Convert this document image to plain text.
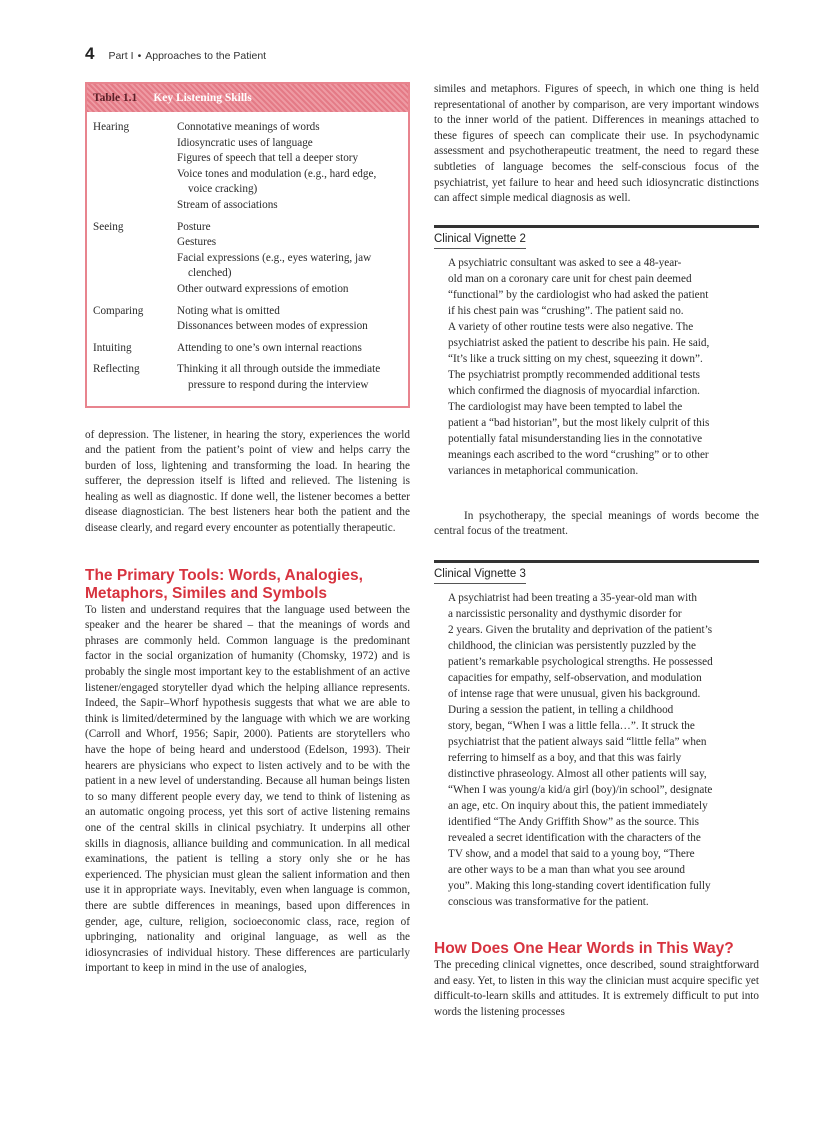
4 Part I • Approaches to the Patient
Table 1.1 Key Listening Skills
Hearing	Connotative meanings of words
Idiosyncratic uses of language
Figures of speech that tell a deeper story
Voice tones and modulation (e.g., hard edge, voice cracking)
Stream of associations
Seeing	Posture
Gestures
Facial expressions (e.g., eyes watering, jaw clenched)
Other outward expressions of emotion
Comparing	Noting what is omitted
Dissonances between modes of expression
Intuiting	Attending to one’s own internal reactions
Reflecting	Thinking it all through outside the immediate pressure to respond during the interview

of depression. The listener, in hearing the story, experiences the world and the patient from the patient’s point of view and helps carry the burden of loss, lightening and transforming the load. In hearing the sufferer, the depression itself is lifted and relieved. The listening is healing as well as diagnostic. If done well, the listener becomes a better disease diagnostician. The best listeners hear both the patient and the disease clearly, and regard every encounter as potentially therapeutic.

The Primary Tools: Words, Analogies, Metaphors, Similes and Symbols

To listen and understand requires that the language used between the speaker and the hearer be shared – that the meanings of words and phrases are commonly held. Common language is the predominant factor in the social organization of humanity (Chomsky, 1972) and is probably the single most important key to the establishment of an active listener/engaged storyteller dyad which the helping alliance represents. Indeed, the Sapir–Whorf hypothesis suggests that what we are able to think is limited/determined by the language with which we are working (Carroll and Whorf, 1956; Sapir, 2000). Patients are storytellers who have the hope of being heard and understood (Edelson, 1993). Their hearers are physicians who expect to listen actively and to be with the patient in a new level of understanding. Because all human beings listen to so many different people every day, we tend to think of listening as an automatic ongoing process, yet this sort of active listening remains one of the central skills in clinical psychiatry. It underpins all other skills in diagnosis, alliance building and communication. In all medical examinations, the patient is telling a story only she or he has experienced. The physician must glean the salient information and then use it in appropriate ways. Inevitably, even when language is common, there are subtle differences in meanings, based upon differences in gender, age, culture, religion, socioeconomic class, race, region of upbringing, nationality and original language, as well as the idiosyncrasies of individual history. These differences are particularly important to keep in mind in the use of analogies,

similes and metaphors. Figures of speech, in which one thing is held representational of another by comparison, are very important windows to the inner world of the patient. Differences in meanings attached to these figures of speech can complicate their use. In psychodynamic assessment and psychotherapeutic treatment, the need to regard these subtleties of language becomes the self-conscious focus of the psychiatrist, yet failure to hear and heed such idiosyncratic distinctions can affect simple medical diagnosis as well.

Clinical Vignette 2
A psychiatric consultant was asked to see a 48-year-
old man on a coronary care unit for chest pain deemed
“functional” by the cardiologist who had asked the patient
if his chest pain was “crushing”. The patient said no.
A variety of other routine tests were also negative. The
psychiatrist asked the patient to describe his pain. He said,
“It’s like a truck sitting on my chest, squeezing it down”.
The psychiatrist promptly recommended additional tests
which confirmed the diagnosis of myocardial infarction.
The cardiologist may have been tempted to label the
patient a “bad historian”, but the most likely culprit of this
potentially fatal misunderstanding lies in the connotative
meanings each ascribed to the word “crushing” or to other
variances in metaphorical communication.

In psychotherapy, the special meanings of words become the central focus of the treatment.

Clinical Vignette 3
A psychiatrist had been treating a 35-year-old man with
a narcissistic personality and dysthymic disorder for
2 years. Given the brutality and deprivation of the patient’s
childhood, the clinician was persistently puzzled by the
patient’s remarkable psychological strengths. He possessed
capacities for empathy, self-observation, and modulation
of intense rage that were unusual, given his background.
During a session the patient, in telling a childhood
story, began, “When I was a little fella…”. It struck the
psychiatrist that the patient always said “little fella” when
referring to himself as a boy, and that this was fairly
distinctive phraseology. Almost all other patients will say,
“When I was young/a kid/a girl (boy)/in school”, designate
an age, etc. On inquiry about this, the patient immediately
identified “The Andy Griffith Show” as the source. This
revealed a secret identification with the characters of the
TV show, and a model that said to a young boy, “There
are other ways to be a man than what you see around
you”. Making this long-standing covert identification fully
conscious was transformative for the patient.
How Does One Hear Words in This Way?

The preceding clinical vignettes, once described, sound straightforward and easy. Yet, to listen in this way the clinician must acquire specific yet difficult-to-learn skills and attitudes. It is extremely difficult to put into words the listening processes
